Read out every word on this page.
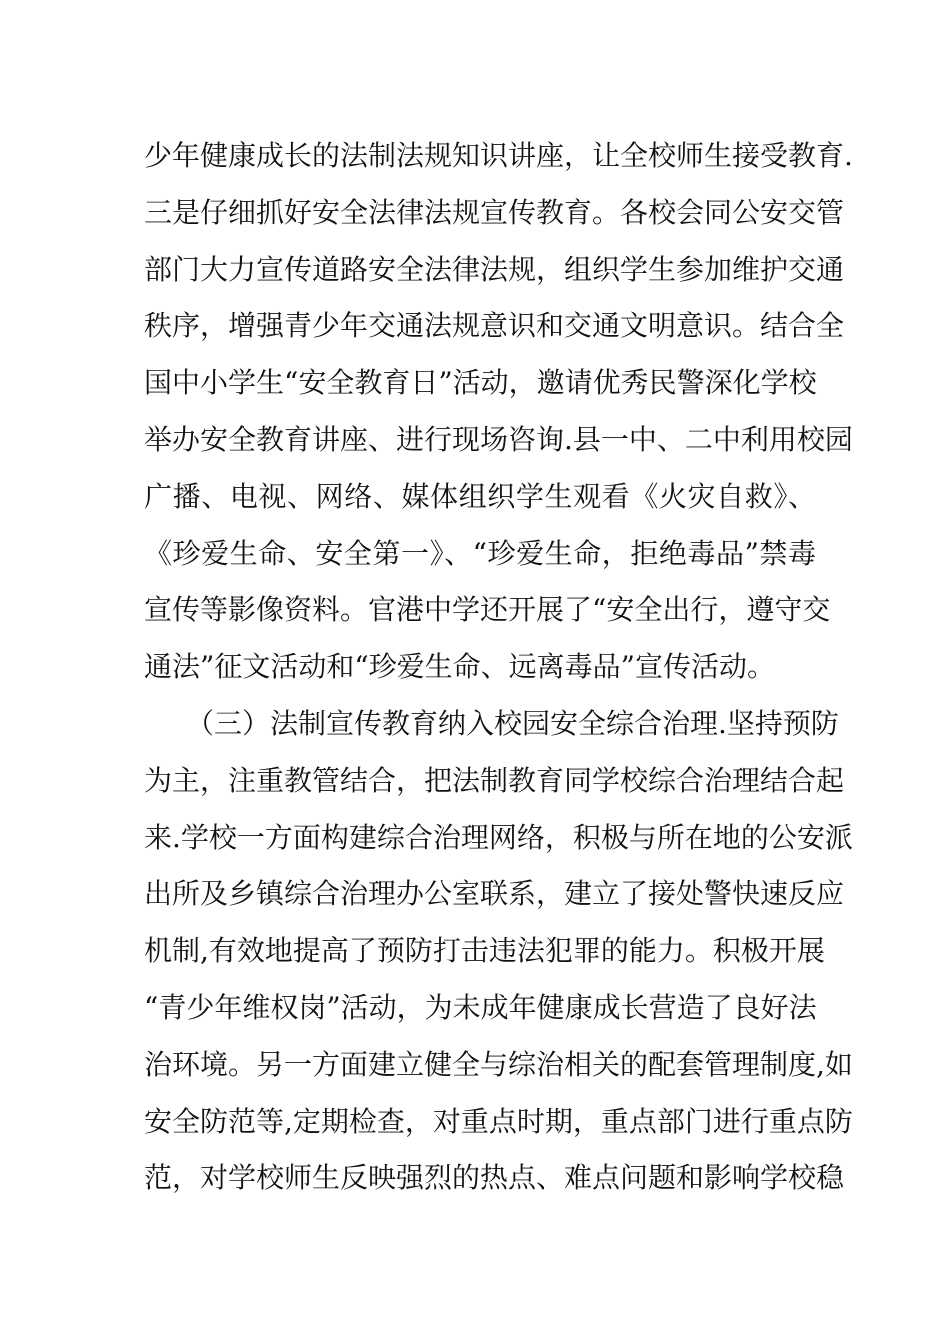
少年健康成长的法制法规知识讲座，让全校师生接受教育.
三是仔细抓好安全法律法规宣传教育。各校会同公安交管
部门大力宣传道路安全法律法规，组织学生参加维护交通
秩序，增强青少年交通法规意识和交通文明意识。结合全
国中小学生“安全教育日”活动，邀请优秀民警深化学校
举办安全教育讲座、进行现场咨询.县一中、二中利用校园
广播、电视、网络、媒体组织学生观看《火灾自救》、
《珍爱生命、安全第一》、“珍爱生命，拒绝毒品”禁毒
宣传等影像资料。官港中学还开展了“安全出行，遵守交
通法”征文活动和“珍爱生命、远离毒品”宣传活动。
　　（三）法制宣传教育纳入校园安全综合治理.坚持预防
为主，注重教管结合，把法制教育同学校综合治理结合起
来.学校一方面构建综合治理网络，积极与所在地的公安派
出所及乡镇综合治理办公室联系，建立了接处警快速反应
机制,有效地提高了预防打击违法犯罪的能力。积极开展
“青少年维权岗”活动，为未成年健康成长营造了良好法
治环境。另一方面建立健全与综治相关的配套管理制度,如
安全防范等,定期检查，对重点时期，重点部门进行重点防
范，对学校师生反映强烈的热点、难点问题和影响学校稳
